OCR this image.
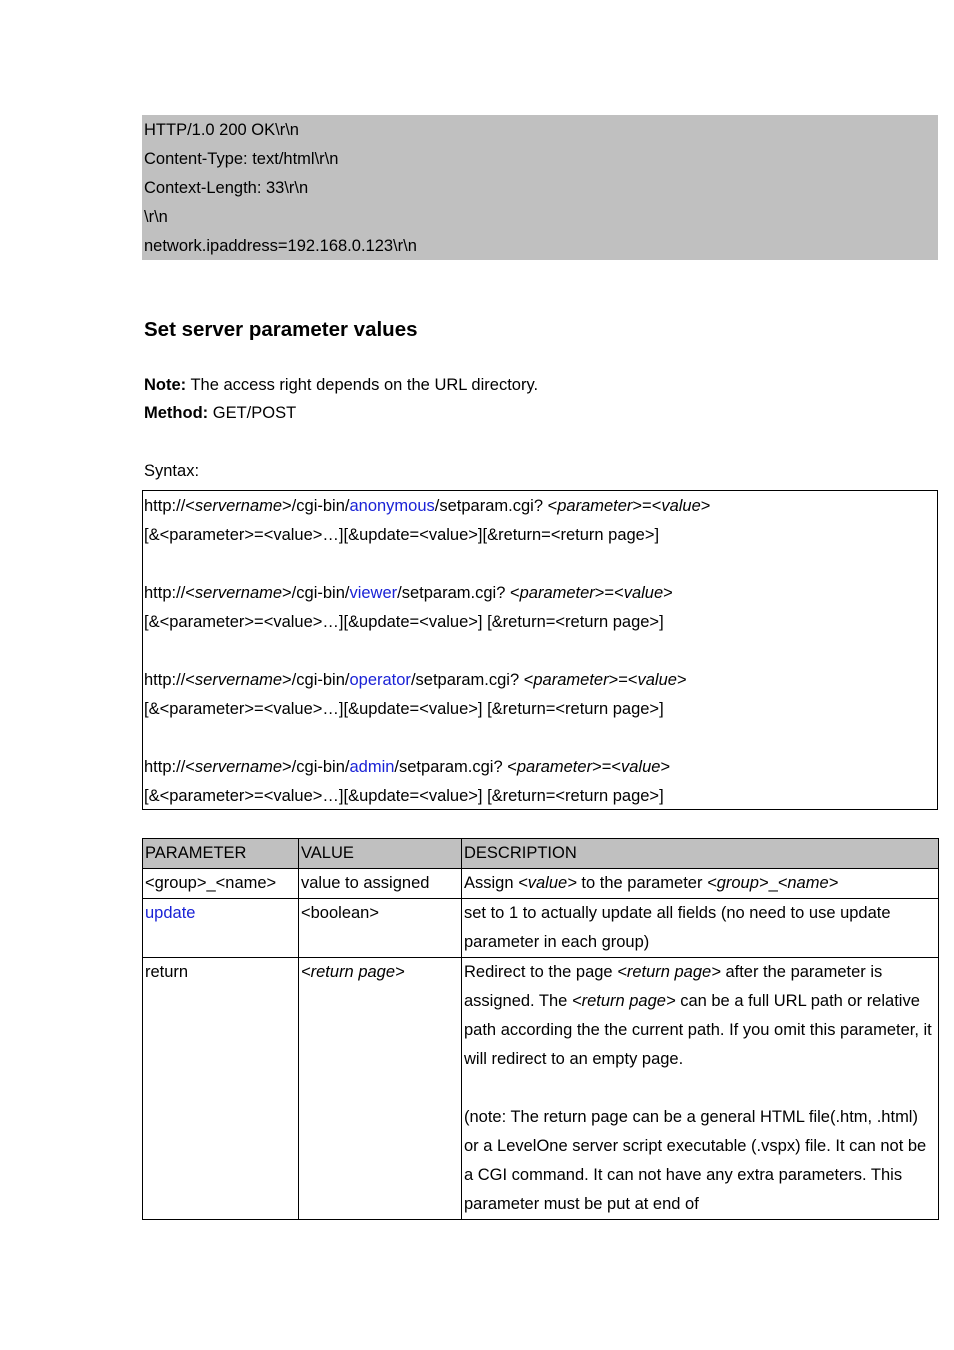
HTTP/1.0 200 OK\r\n
Content-Type: text/html\r\n
Context-Length: 33\r\n
\r\n
network.ipaddress=192.168.0.123\r\n
Set server parameter values
Note: The access right depends on the URL directory.
Method: GET/POST
Syntax:
http://<servername>/cgi-bin/anonymous/setparam.cgi? <parameter>=<value>
[&<parameter>=<value>…][&update=<value>][&return=<return page>]
http://<servername>/cgi-bin/viewer/setparam.cgi? <parameter>=<value>
[&<parameter>=<value>…][&update=<value>] [&return=<return page>]
http://<servername>/cgi-bin/operator/setparam.cgi? <parameter>=<value>
[&<parameter>=<value>…][&update=<value>] [&return=<return page>]
http://<servername>/cgi-bin/admin/setparam.cgi? <parameter>=<value>
[&<parameter>=<value>…][&update=<value>] [&return=<return page>]
PARAMETER	VALUE	DESCRIPTION
<group>_<name>	value to assigned	Assign <value> to the parameter <group>_<name>
update	<boolean>	set to 1 to actually update all fields (no need to use update parameter in each group)
return	<return page>	Redirect to the page <return page> after the parameter is assigned. The <return page> can be a full URL path or relative path according the the current path. If you omit this parameter, it will redirect to an empty page.

(note: The return page can be a general HTML file(.htm, .html) or a LevelOne server script executable (.vspx) file. It can not be a CGI command. It can not have any extra parameters. This parameter must be put at end of
